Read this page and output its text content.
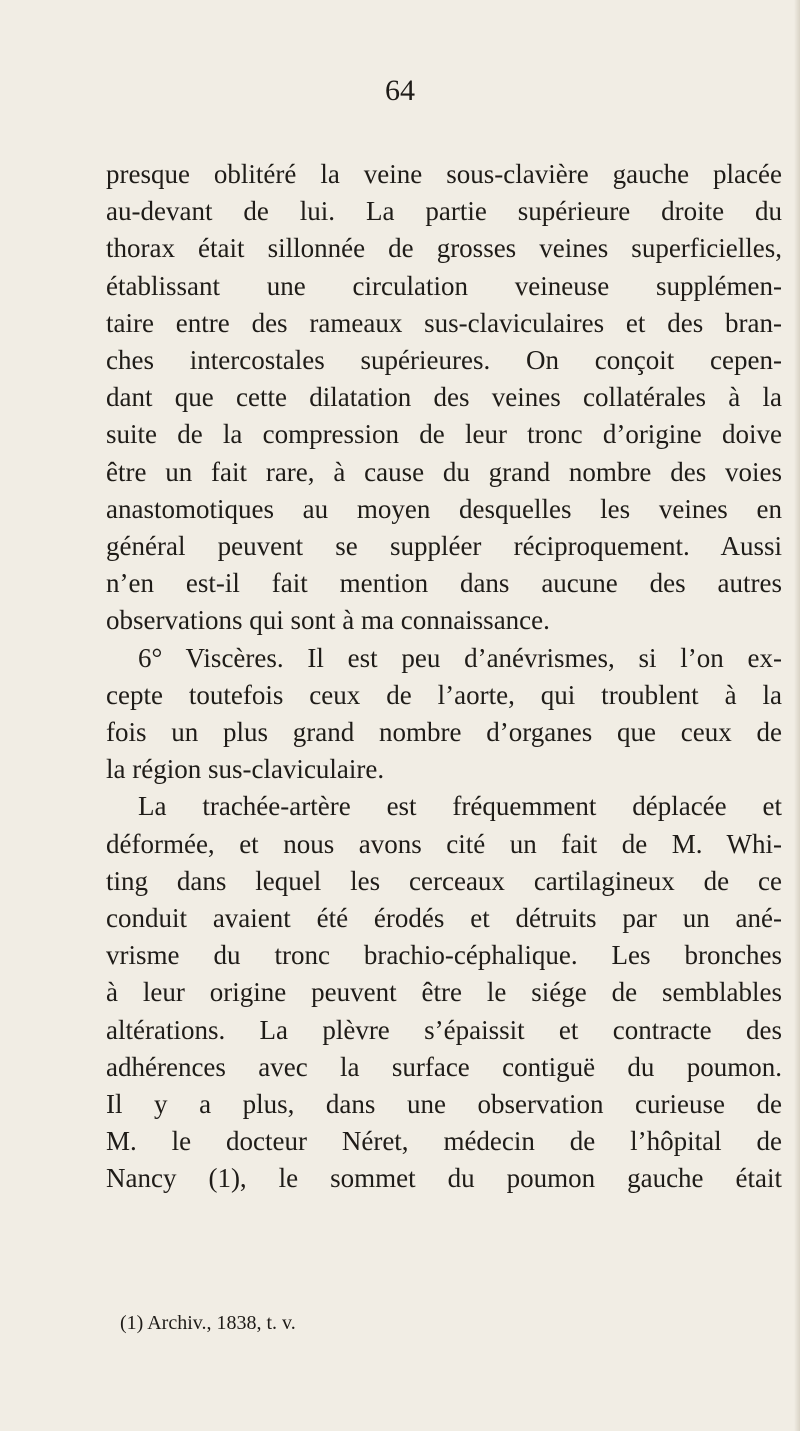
64
presque oblitéré la veine sous-clavière gauche placée
au-devant de lui. La partie supérieure droite du
thorax était sillonnée de grosses veines superficielles,
établissant une circulation veineuse supplémen-
taire entre des rameaux sus-claviculaires et des bran-
ches intercostales supérieures. On conçoit cepen-
dant que cette dilatation des veines collatérales à la
suite de la compression de leur tronc d’origine doive
être un fait rare, à cause du grand nombre des voies
anastomotiques au moyen desquelles les veines en
général peuvent se suppléer réciproquement. Aussi
n’en est-il fait mention dans aucune des autres
observations qui sont à ma connaissance.
6° Viscères. Il est peu d’anévrismes, si l’on ex-
cepte toutefois ceux de l’aorte, qui troublent à la
fois un plus grand nombre d’organes que ceux de
la région sus-claviculaire.
La trachée-artère est fréquemment déplacée et
déformée, et nous avons cité un fait de M. Whi-
ting dans lequel les cerceaux cartilagineux de ce
conduit avaient été érodés et détruits par un ané-
vrisme du tronc brachio-céphalique. Les bronches
à leur origine peuvent être le siége de semblables
altérations. La plèvre s’épaissit et contracte des
adhérences avec la surface contiguë du poumon.
Il y a plus, dans une observation curieuse de
M. le docteur Néret, médecin de l’hôpital de
Nancy (1), le sommet du poumon gauche était
(1) Archiv., 1838, t. v.
